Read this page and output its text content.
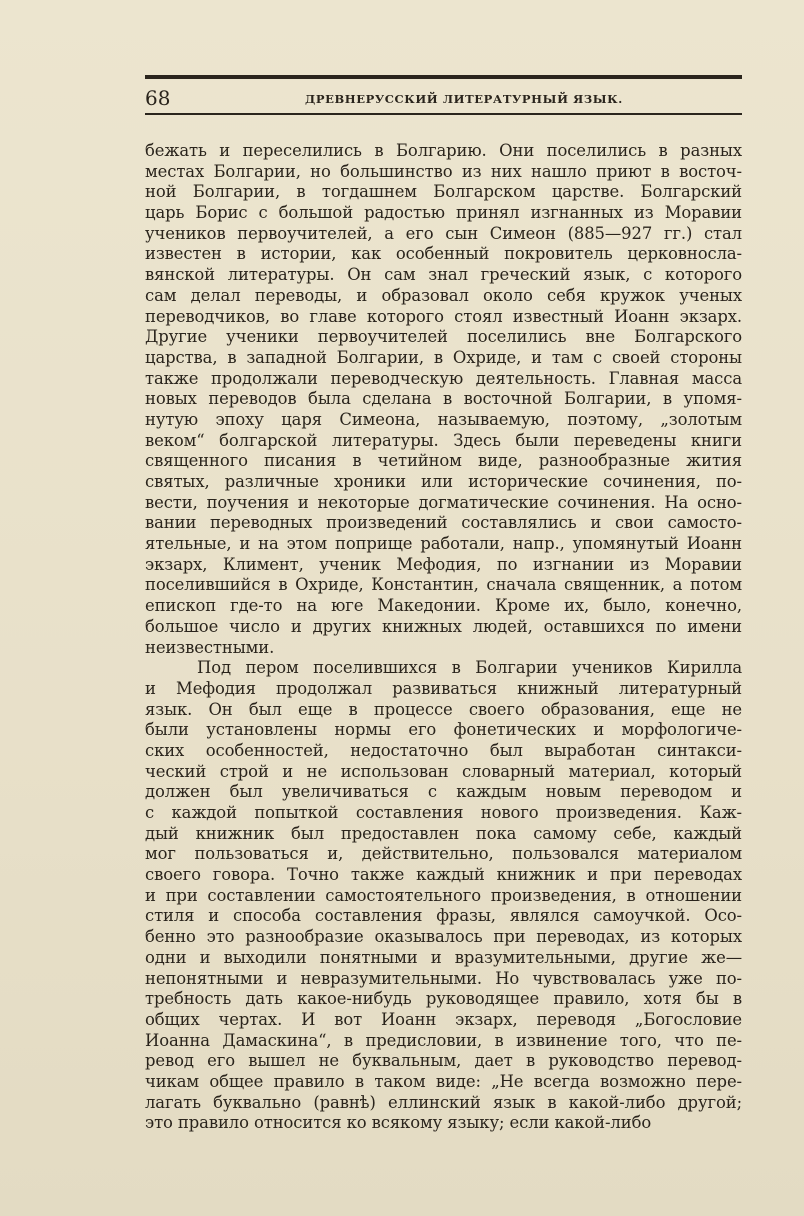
68	ДРЕВНЕРУССКИЙ ЛИТЕРАТУРНЫЙ ЯЗЫК.
бежать и переселились в Болгарию. Они поселились в разных
местах Болгарии, но большинство из них нашло приют в восточ-
ной Болгарии, в тогдашнем Болгарском царстве. Болгарский
царь Борис с большой радостью принял изгнанных из Моравии
учеников первоучителей, а его сын Симеон (885—927 гг.) стал
известен в истории, как особенный покровитель церковносла-
вянской литературы. Он сам знал греческий язык, с которого
сам делал переводы, и образовал около себя кружок ученых
переводчиков, во главе которого стоял известный Иоанн экзарх.
Другие ученики первоучителей поселились вне Болгарского
царства, в западной Болгарии, в Охриде, и там с своей стороны
также продолжали переводческую деятельность. Главная масса
новых переводов была сделана в восточной Болгарии, в упомя-
нутую эпоху царя Симеона, называемую, поэтому, „золотым
веком“ болгарской литературы. Здесь были переведены книги
священного писания в четийном виде, разнообразные жития
святых, различные хроники или исторические сочинения, по-
вести, поучения и некоторые догматические сочинения. На осно-
вании переводных произведений составлялись и свои самосто-
ятельные, и на этом поприще работали, напр., упомянутый Иоанн
экзарх, Климент, ученик Мефодия, по изгнании из Моравии
поселившийся в Охриде, Константин, сначала священник, а потом
епископ где-то на юге Македонии. Кроме их, было, конечно,
большое число и других книжных людей, оставшихся по имени
неизвестными.
Под пером поселившихся в Болгарии учеников Кирилла
и Мефодия продолжал развиваться книжный литературный
язык. Он был еще в процессе своего образования, еще не
были установлены нормы его фонетических и морфологиче-
ских особенностей, недостаточно был выработан синтакси-
ческий строй и не использован словарный материал, который
должен был увеличиваться с каждым новым переводом и
с каждой попыткой составления нового произведения. Каж-
дый книжник был предоставлен пока самому себе, каждый
мог пользоваться и, действительно, пользовался материалом
своего говора. Точно также каждый книжник и при переводах
и при составлении самостоятельного произведения, в отношении
стиля и способа составления фразы, являлся самоучкой. Осо-
бенно это разнообразие оказывалось при переводах, из которых
одни и выходили понятными и вразумительными, другие же—
непонятными и невразумительными. Но чувствовалась уже по-
требность дать какое-нибудь руководящее правило, хотя бы в
общих чертах. И вот Иоанн экзарх, переводя „Богословие
Иоанна Дамаскина“, в предисловии, в извинение того, что пе-
ревод его вышел не буквальным, дает в руководство перевод-
чикам общее правило в таком виде: „Не всегда возможно пере-
лагать буквально (равнѣ) еллинский язык в какой-либо другой;
это правило относится ко всякому языку; если какой-либо
